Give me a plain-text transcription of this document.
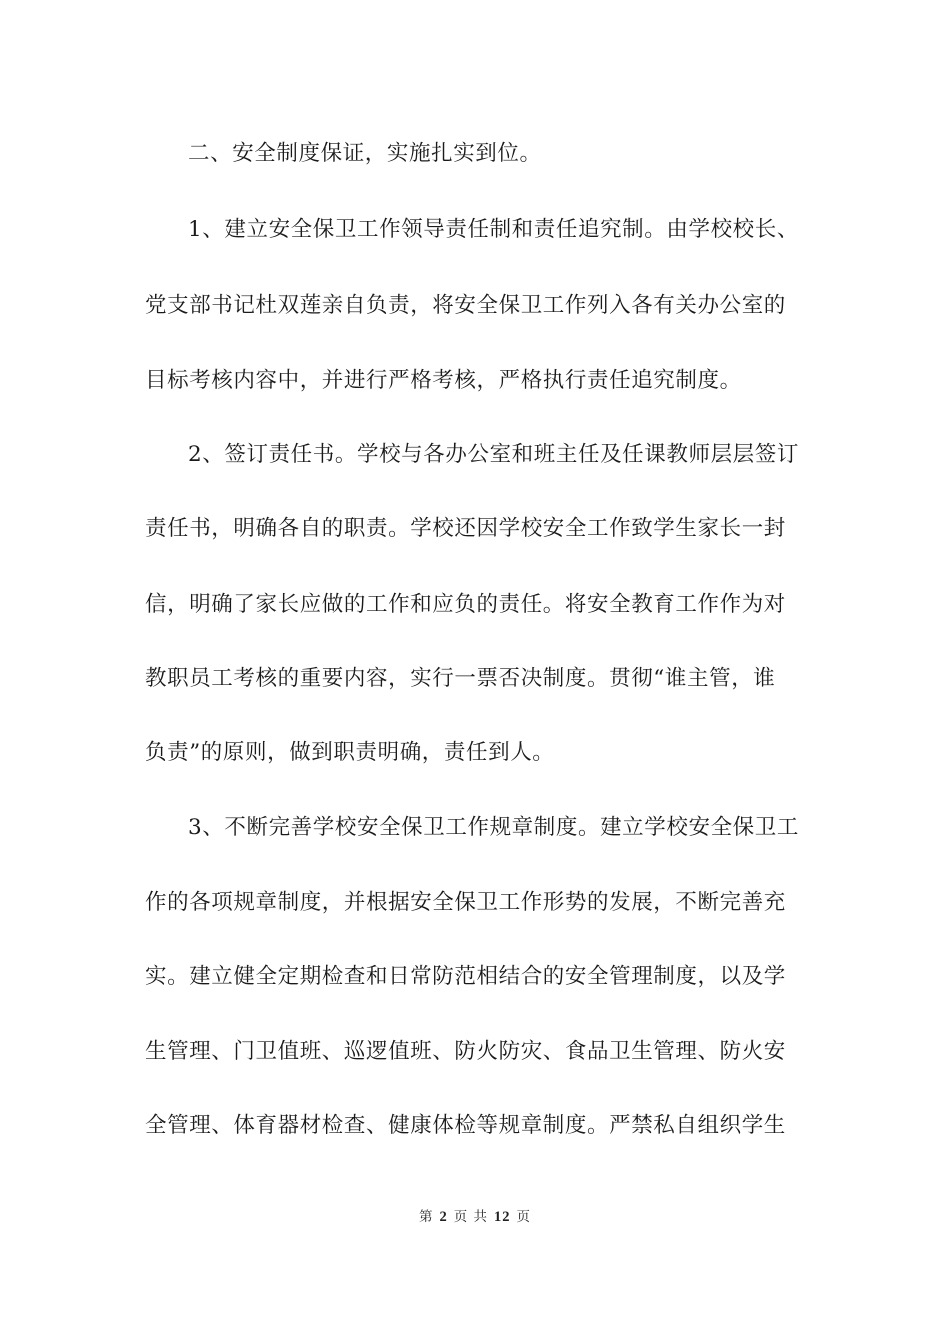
二、安全制度保证，实施扎实到位。
1、建立安全保卫工作领导责任制和责任追究制。由学校校长、
党支部书记杜双莲亲自负责，将安全保卫工作列入各有关办公室的
目标考核内容中，并进行严格考核，严格执行责任追究制度。
2、签订责任书。学校与各办公室和班主任及任课教师层层签订
责任书，明确各自的职责。学校还因学校安全工作致学生家长一封
信，明确了家长应做的工作和应负的责任。将安全教育工作作为对
教职员工考核的重要内容，实行一票否决制度。贯彻“谁主管，谁
负责”的原则，做到职责明确，责任到人。
3、不断完善学校安全保卫工作规章制度。建立学校安全保卫工
作的各项规章制度，并根据安全保卫工作形势的发展，不断完善充
实。建立健全定期检查和日常防范相结合的安全管理制度，以及学
生管理、门卫值班、巡逻值班、防火防灾、食品卫生管理、防火安
全管理、体育器材检查、健康体检等规章制度。严禁私自组织学生
第 2 页 共 12 页
